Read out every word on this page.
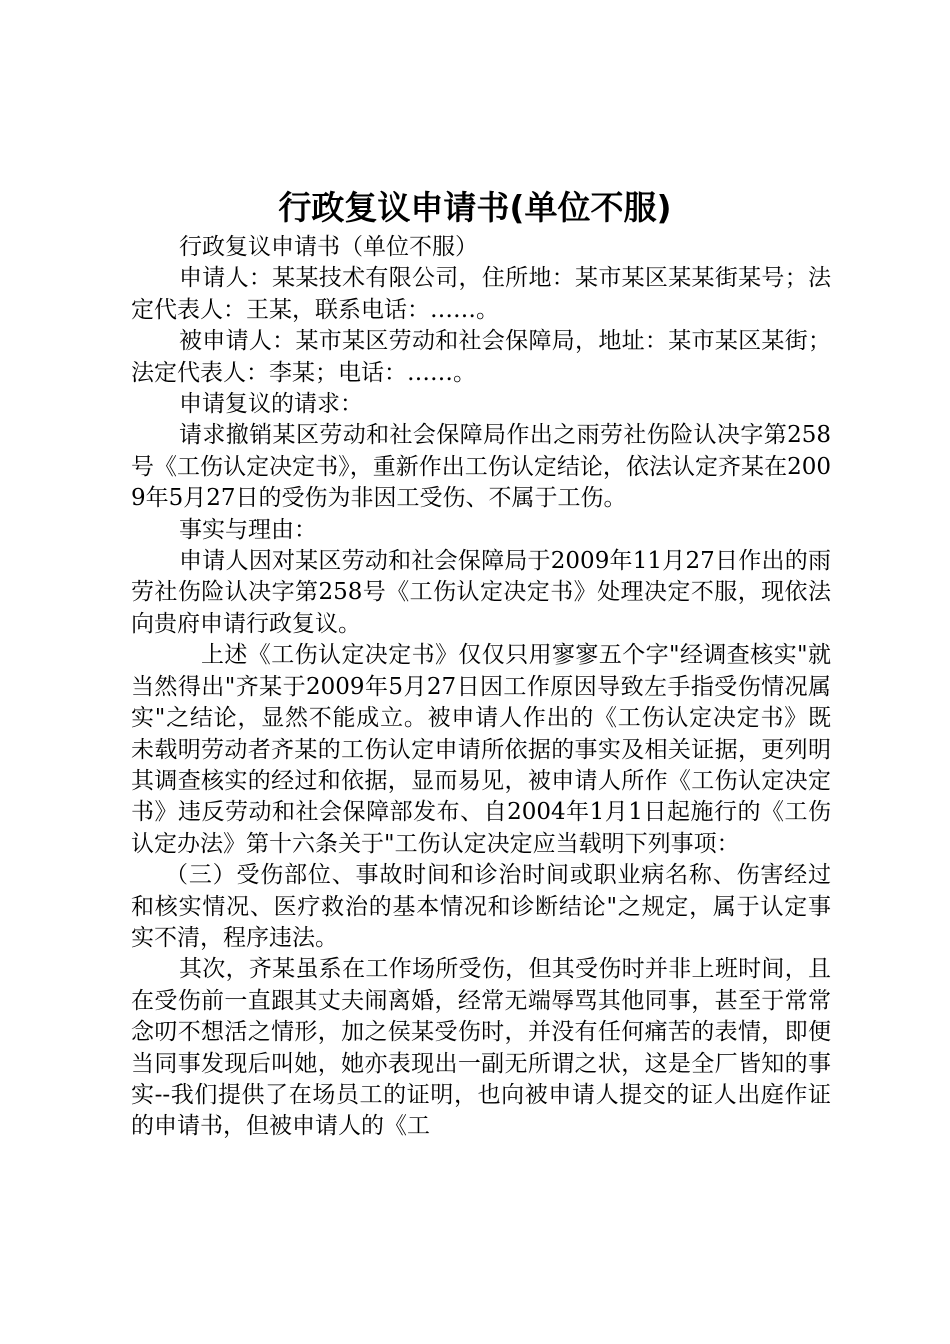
行政复议申请书(单位不服)

行政复议申请书（单位不服）

申请人：某某技术有限公司，住所地：某市某区某某街某号；法定代表人：王某，联系电话：……。

被申请人：某市某区劳动和社会保障局，地址：某市某区某街；法定代表人：李某；电话：……。

申请复议的请求：

请求撤销某区劳动和社会保障局作出之雨劳社伤险认决字第258号《工伤认定决定书》，重新作出工伤认定结论，依法认定齐某在2009年5月27日的受伤为非因工受伤、不属于工伤。

事实与理由：

申请人因对某区劳动和社会保障局于2009年11月27日作出的雨劳社伤险认决字第258号《工伤认定决定书》处理决定不服，现依法向贵府申请行政复议。

上述《工伤认定决定书》仅仅只用寥寥五个字"经调查核实"就当然得出"齐某于2009年5月27日因工作原因导致左手指受伤情况属实"之结论，显然不能成立。被申请人作出的《工伤认定决定书》既未载明劳动者齐某的工伤认定申请所依据的事实及相关证据，更列明其调查核实的经过和依据，显而易见，被申请人所作《工伤认定决定书》违反劳动和社会保障部发布、自2004年1月1日起施行的《工伤认定办法》第十六条关于"工伤认定决定应当载明下列事项：

（三）受伤部位、事故时间和诊治时间或职业病名称、伤害经过和核实情况、医疗救治的基本情况和诊断结论"之规定，属于认定事实不清，程序违法。

其次，齐某虽系在工作场所受伤，但其受伤时并非上班时间，且在受伤前一直跟其丈夫闹离婚，经常无端辱骂其他同事，甚至于常常念叨不想活之情形，加之侯某受伤时，并没有任何痛苦的表情，即便当同事发现后叫她，她亦表现出一副无所谓之状，这是全厂皆知的事实--我们提供了在场员工的证明，也向被申请人提交的证人出庭作证的申请书，但被申请人的《工
